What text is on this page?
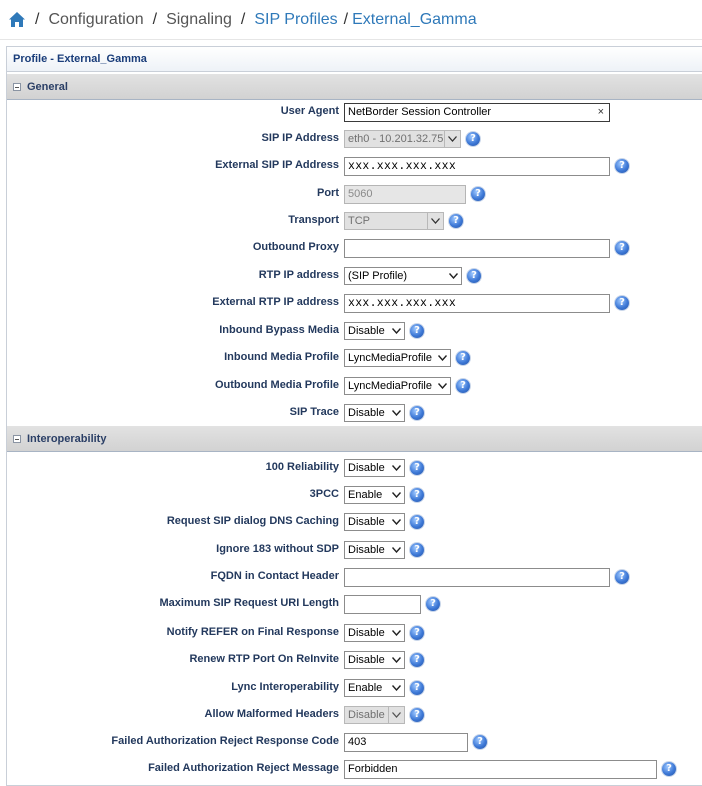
/ Configuration / Signaling / SIP Profiles / External_Gamma
Profile - External_Gamma
General
User Agent NetBorder Session Controller	×
SIP IP Address eth0 - 10.201.32.75	?
External SIP IP Address xxx.xxx.xxx.xxx	?
Port 5060	?
Transport TCP	?
Outbound Proxy	?
RTP IP address (SIP Profile)	?
External RTP IP address xxx.xxx.xxx.xxx	?
Inbound Bypass Media Disable	?
Inbound Media Profile LyncMediaProfile	?
Outbound Media Profile LyncMediaProfile	?
SIP Trace Disable	?
Interoperability
100 Reliability Disable	?
3PCC Enable	?
Request SIP dialog DNS Caching Disable	?
Ignore 183 without SDP Disable	?
FQDN in Contact Header	?
Maximum SIP Request URI Length	?
Notify REFER on Final Response Disable	?
Renew RTP Port On ReInvite Disable	?
Lync Interoperability Enable	?
Allow Malformed Headers Disable	?
Failed Authorization Reject Response Code 403	?
Failed Authorization Reject Message Forbidden	?
